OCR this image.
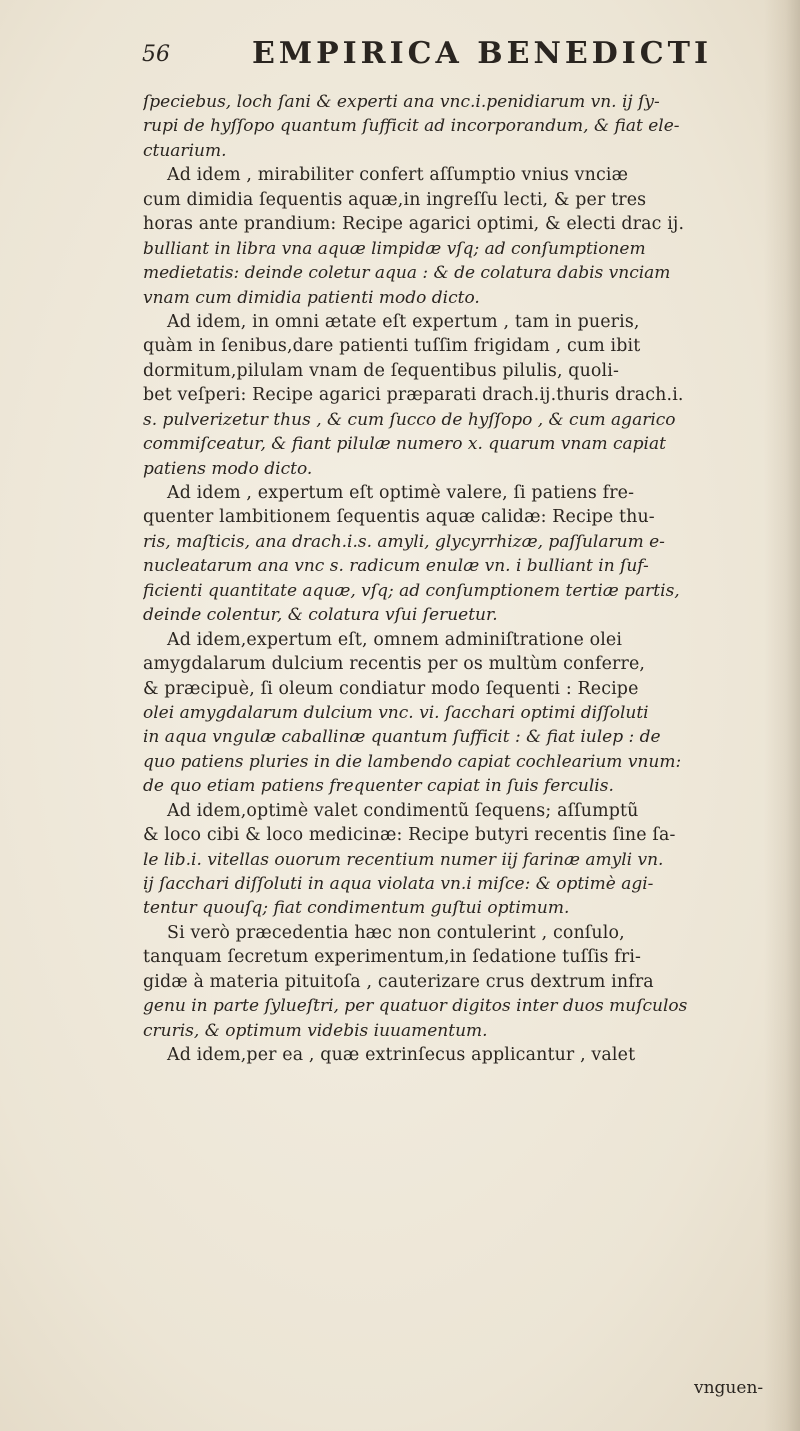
56	EMPIRICA BENEDICTI
ſpeciebus, loch ſani & experti ana vnc.i.penidiarum vn. ij ſy-
rupi de hyſſopo quantum ſufficit ad incorporandum, & fiat ele-
ctuarium.
Ad idem , mirabiliter confert aſſumptio vnius vnciæ
cum dimidia ſequentis aquæ,in ingreſſu lecti, & per tres
horas ante prandium: Recipe agarici optimi, & electi drac ij.
bullіant in libra vna aquæ limpidæ vſq; ad conſumptionem
medietatis: deinde coletur aqua : & de colatura dabis vnciam
vnam cum dimidia patienti modo dicto.
Ad idem, in omni ætate eſt expertum , tam in pueris,
quàm in ſenibus,dare patienti tuſſim frigidam , cum ibit
dormitum,pilulam vnam de ſequentibus pilulis, quoli-
bet veſperi: Recipe agarici præparati drach.ij.thuris drach.i.
s. pulverizetur thus , & cum ſucco de hyſſopo , & cum agarico
commiſceatur, & fiant pilulæ numero x. quarum vnam capiat
patiens modo dicto.
Ad idem , expertum eſt optimè valere, ſi patiens fre-
quenter lambitionem ſequentis aquæ calidæ: Recipe thu-
ris, maſticis, ana drach.i.s. amyli, glycyrrhizæ, paſſularum e-
nucleatarum ana vnc s. radicum enulæ vn. i bulliant in ſuf-
ficienti quantitate aquæ, vſq; ad conſumptionem tertiæ partis,
deinde colentur, & colatura vſui ſeruetur.
Ad idem,expertum eſt, omnem adminiſtratione olei
amygdalarum dulcium recentis per os multùm conferre,
& præcipuè, ſi oleum condiatur modo ſequenti : Recipe
olei amygdalarum dulcium vnc. vi. ſacchari optimi diſſoluti
in aqua vngulæ caballinæ quantum ſufficit : & fiat iulep : de
quo patiens pluries in die lambendo capiat cochlearium vnum:
de quo etiam patiens frequenter capiat in ſuis ferculis.
Ad idem,optimè valet condimentũ ſequens; aſſumptũ
& loco cibi & loco medicinæ: Recipe butyri recentis ſine ſa-
le lib.i. vitellas ouorum recentium numer iij farinæ amyli vn.
ij ſacchari diſſoluti in aqua violata vn.i miſce: & optimè agi-
tentur quouſq; fiat condimentum guſtui optimum.
Si verò præcedentia hæc non contulerint , conſulo,
tanquam ſecretum experimentum,in ſedatione tuſſis fri-
gidæ à materia pituitoſa , cauterizare crus dextrum infra
genu in parte ſylueſtri, per quatuor digitos inter duos muſculos
cruris, & optimum videbis iuuamentum.
Ad idem,per ea , quæ extrinſecus applicantur , valet
vnguen-
